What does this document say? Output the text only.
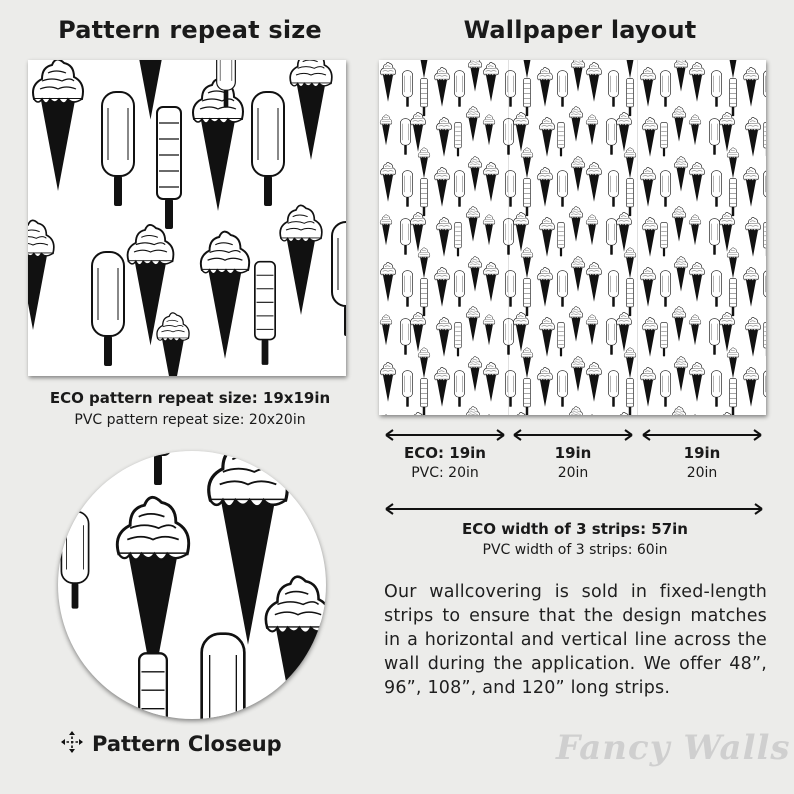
Pattern repeat size	Wallpaper layout
ECO pattern repeat size: 19x19in
PVC pattern repeat size: 20x20in
ECO: 19in
PVC: 20in
19in
20in
19in
20in
ECO width of 3 strips: 57in
PVC width of 3 strips: 60in
Our wallcovering is sold in fixed-length strips to ensure that the design matches in a horizontal and vertical line across the wall during the application. We offer 48”, 96”, 108”, and 120” long strips.
Pattern Closeup	Fancy Walls
